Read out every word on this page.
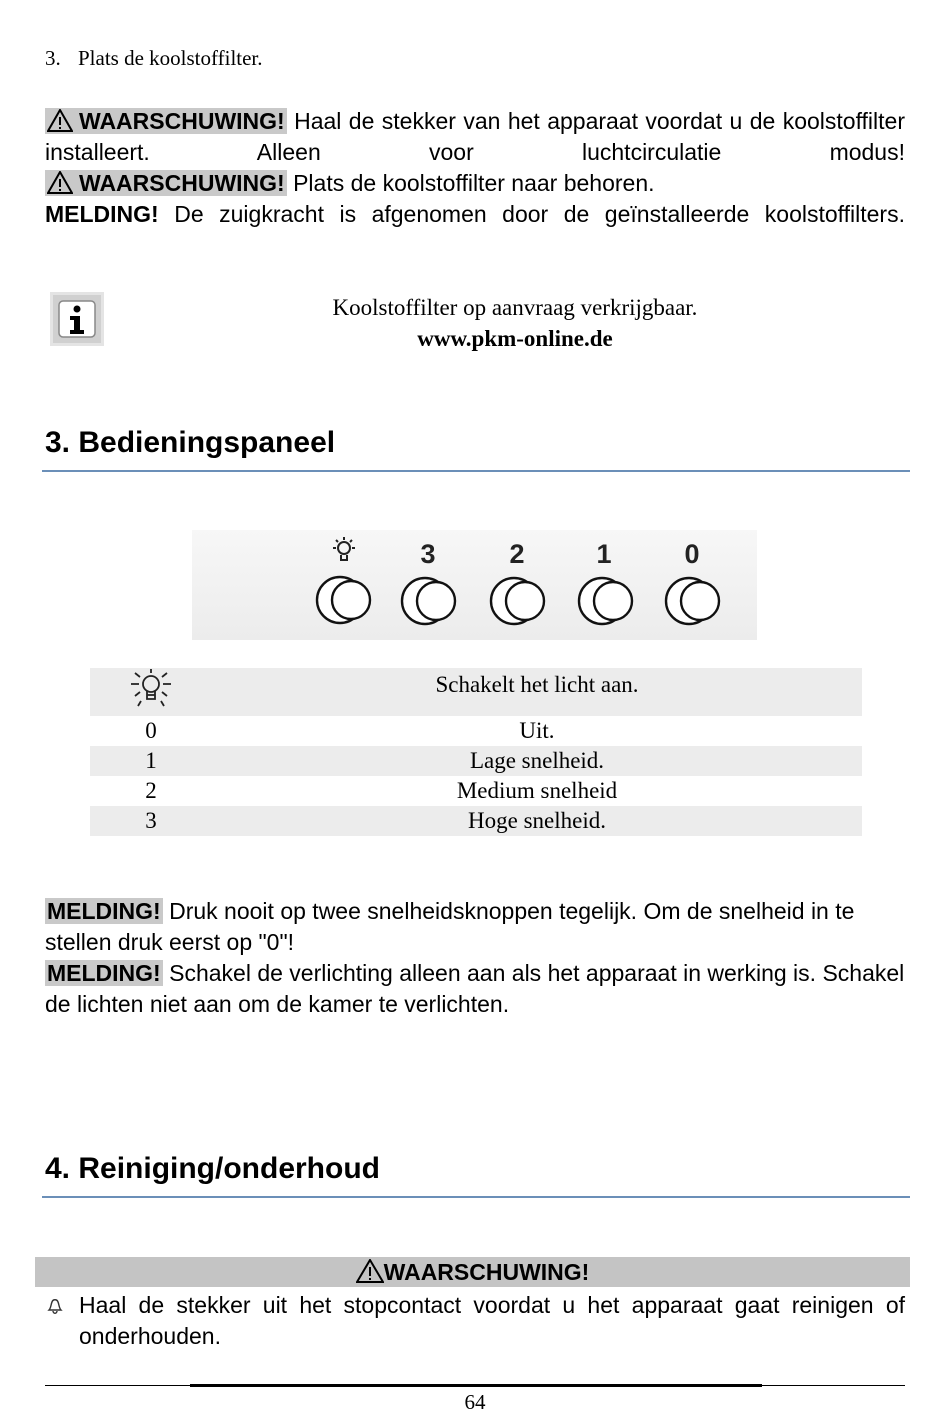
3. Plats de koolstoffilter.
WAARSCHUWING! Haal de stekker van het apparaat voordat u de koolstoffilter installeert. Alleen voor luchtcirculatie modus!
WAARSCHUWING! Plats de koolstoffilter naar behoren.
MELDING! De zuigkracht is afgenomen door de geïnstalleerde koolstoffilters.
Koolstoffilter op aanvraag verkrijgbaar.
www.pkm-online.de
3. Bedieningspaneel
3	2	1	0
	Schakelt het licht aan.
0	Uit.
1	Lage snelheid.
2	Medium snelheid
3	Hoge snelheid.
MELDING! Druk nooit op twee snelheidsknoppen tegelijk. Om de snelheid in te stellen druk eerst op "0"!
MELDING! Schakel de verlichting alleen aan als het apparaat in werking is. Schakel de lichten niet aan om de kamer te verlichten.
4. Reiniging/onderhoud
WAARSCHUWING!
Haal de stekker uit het stopcontact voordat u het apparaat gaat reinigen of onderhouden.
64
